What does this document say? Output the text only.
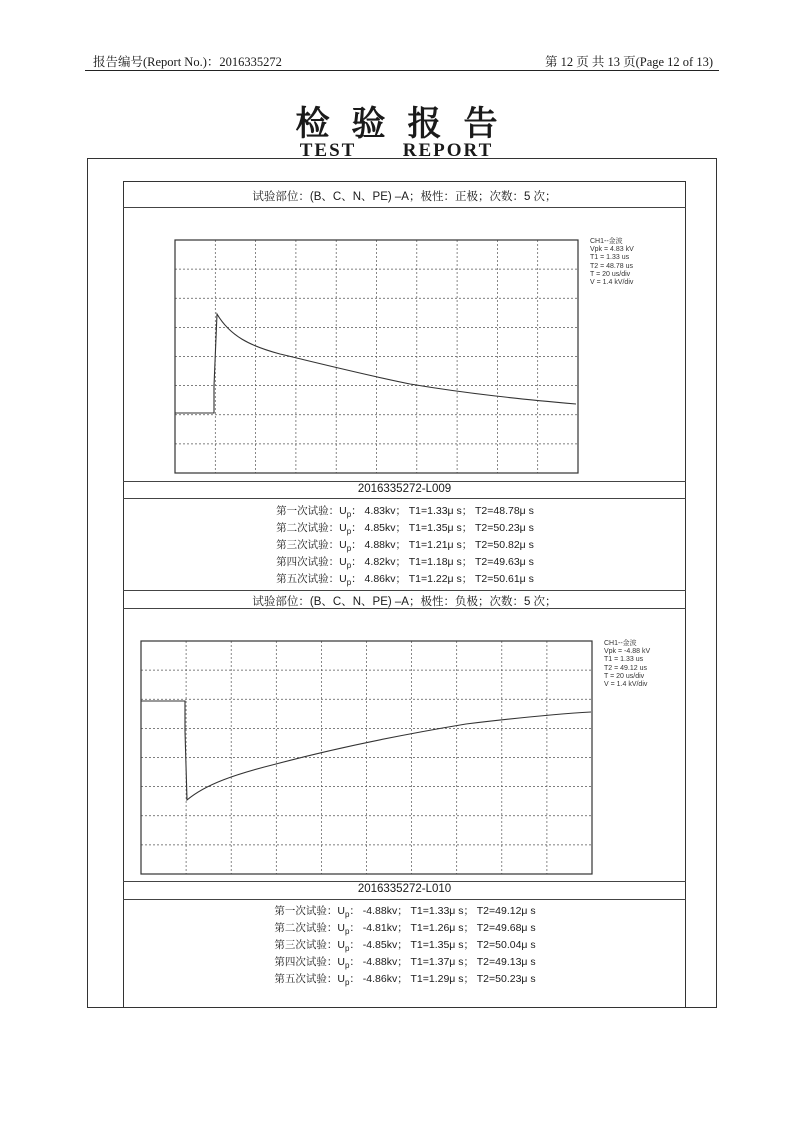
报告编号(Report No.)：2016335272	第 12 页 共 13 页(Page 12 of 13)
检验报告
TEST REPORT
试验部位：(B、C、N、PE) –A；极性：正极；次数：5 次；
CH1--金波
Vpk = 4.83 kV
T1 = 1.33 us
T2 = 48.78 us
T = 20 us/div
V = 1.4 kV/div
2016335272-L009
第一次试验：$U_p$： 4.83kv； T1=1.33μ s； T2=48.78μ s
第二次试验：$U_p$： 4.85kv； T1=1.35μ s； T2=50.23μ s
第三次试验：$U_p$： 4.88kv； T1=1.21μ s； T2=50.82μ s
第四次试验：$U_p$： 4.82kv； T1=1.18μ s； T2=49.63μ s
第五次试验：$U_p$： 4.86kv； T1=1.22μ s； T2=50.61μ s
试验部位：(B、C、N、PE) –A；极性：负极；次数：5 次；
CH1--金波
Vpk = -4.88 kV
T1 = 1.33 us
T2 = 49.12 us
T = 20 us/div
V = 1.4 kV/div
2016335272-L010
第一次试验：$U_p$： -4.88kv； T1=1.33μ s； T2=49.12μ s
第二次试验：$U_p$： -4.81kv； T1=1.26μ s； T2=49.68μ s
第三次试验：$U_p$： -4.85kv； T1=1.35μ s； T2=50.04μ s
第四次试验：$U_p$： -4.88kv； T1=1.37μ s； T2=49.13μ s
第五次试验：$U_p$： -4.86kv； T1=1.29μ s； T2=50.23μ s
